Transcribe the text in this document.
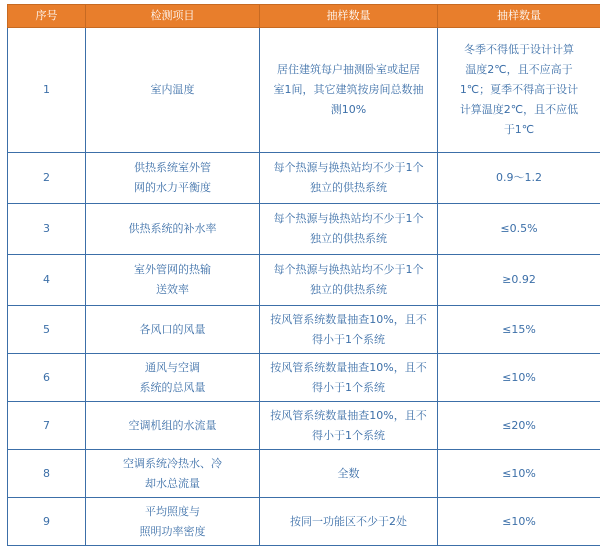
序号	检测项目	抽样数量	抽样数量
1	室内温度	居住建筑每户抽测卧室或起居
室1间，其它建筑按房间总数抽
测10%	冬季不得低于设计计算
温度2℃，且不应高于
1℃；夏季不得高于设计
计算温度2℃，且不应低
于1℃
2	供热系统室外管
网的水力平衡度	每个热源与换热站均不少于1个
独立的供热系统	0.9～1.2
3	供热系统的补水率	每个热源与换热站均不少于1个
独立的供热系统	≤0.5%
4	室外管网的热输
送效率	每个热源与换热站均不少于1个
独立的供热系统	≥0.92
5	各风口的风量	按风管系统数量抽查10%，且不
得小于1个系统	≤15%
6	通风与空调
系统的总风量	按风管系统数量抽查10%，且不
得小于1个系统	≤10%
7	空调机组的水流量	按风管系统数量抽查10%，且不
得小于1个系统	≤20%
8	空调系统冷热水、冷
却水总流量	全数	≤10%
9	平均照度与
照明功率密度	按同一功能区不少于2处	≤10%
